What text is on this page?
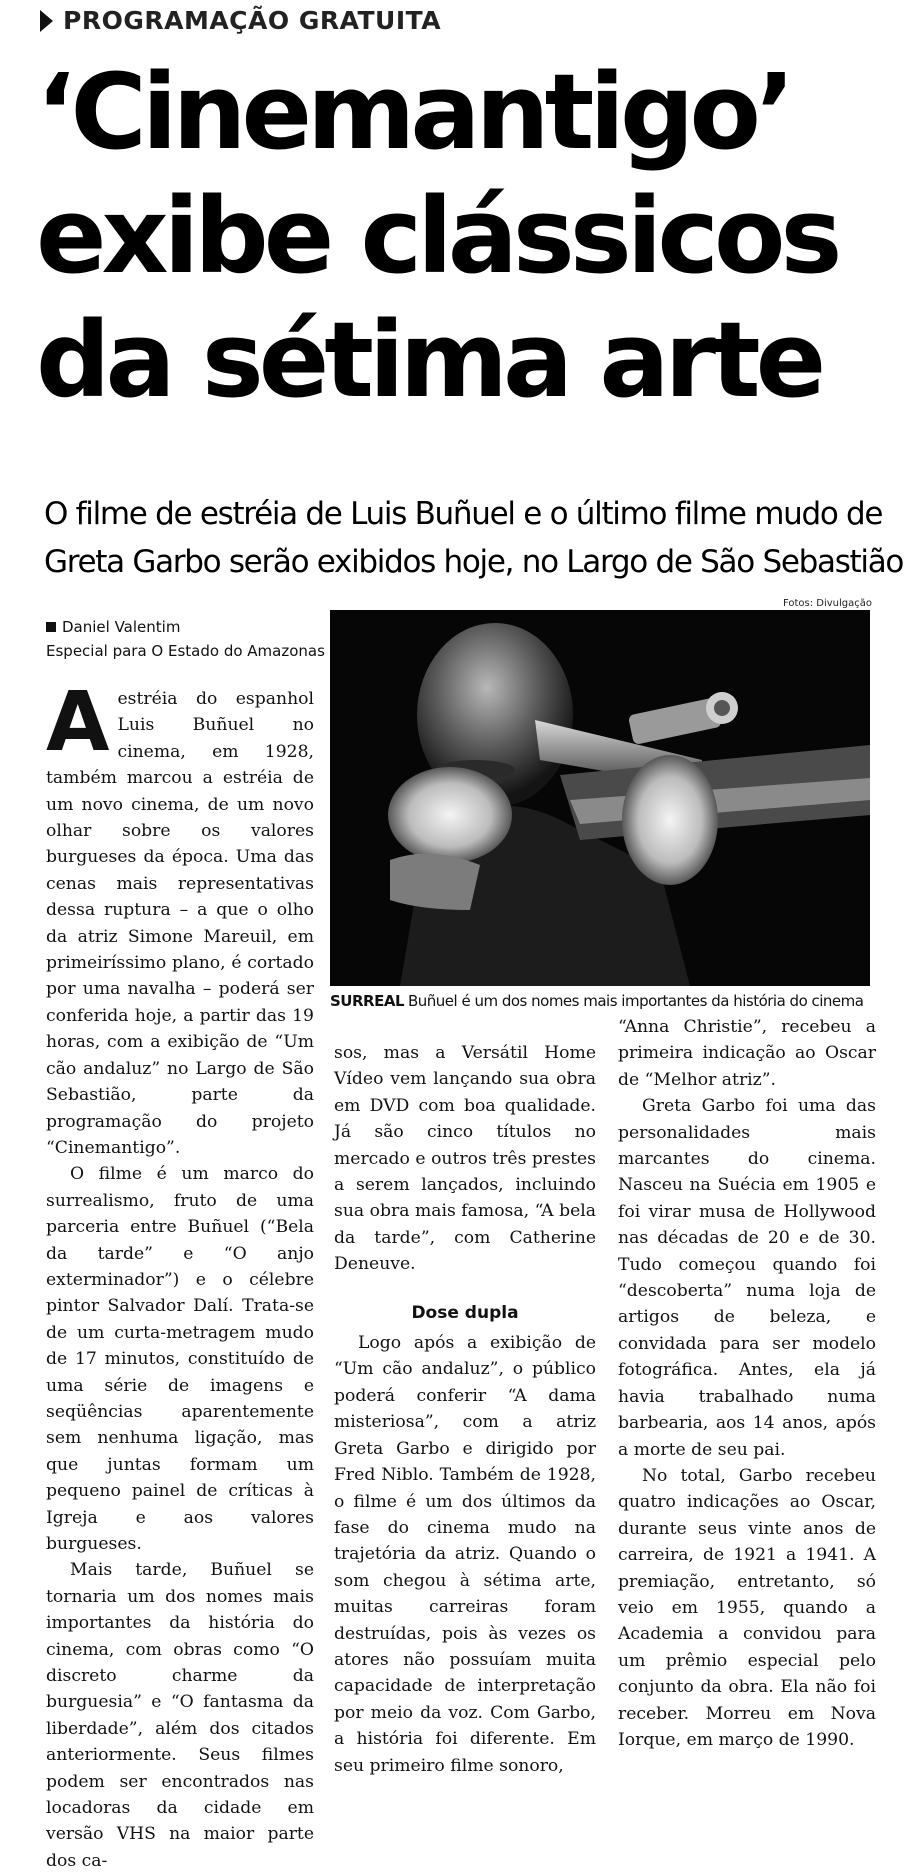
PROGRAMAÇÃO GRATUITA
‘Cinemantigo’
exibe clássicos
da sétima arte
O filme de estréia de Luis Buñuel e o último filme mudo de
Greta Garbo serão exibidos hoje, no Largo de São Sebastião
Fotos: Divulgação
Daniel Valentim
Especial para O Estado do Amazonas
SURREAL Buñuel é um dos nomes mais importantes da história do cinema

Aestréia do espanhol Luis Buñuel no cinema, em 1928, também marcou a estréia de um novo cinema, de um novo olhar sobre os valores burgueses da época. Uma das cenas mais representativas dessa ruptura – a que o olho da atriz Simone Mareuil, em primeiríssimo plano, é cortado por uma navalha – poderá ser conferida hoje, a partir das 19 horas, com a exibição de “Um cão andaluz” no Largo de São Sebastião, parte da programação do projeto “Cinemantigo”.

O filme é um marco do surrealismo, fruto de uma parceria entre Buñuel (“Bela da tarde” e “O anjo exterminador”) e o célebre pintor Salvador Dalí. Trata-se de um curta-metragem mudo de 17 minutos, constituído de uma série de imagens e seqüências aparentemente sem nenhuma ligação, mas que juntas formam um pequeno painel de críticas à Igreja e aos valores burgueses.

Mais tarde, Buñuel se tornaria um dos nomes mais importantes da história do cinema, com obras como “O discreto charme da burguesia” e “O fantasma da liberdade”, além dos citados anteriormente. Seus filmes podem ser encontrados nas locadoras da cidade em versão VHS na maior parte dos ca-

sos, mas a Versátil Home Vídeo vem lançando sua obra em DVD com boa qualidade. Já são cinco títulos no mercado e outros três prestes a serem lançados, incluindo sua obra mais famosa, “A bela da tarde”, com Catherine Deneuve.

Dose dupla

Logo após a exibição de “Um cão andaluz”, o público poderá conferir “A dama misteriosa”, com a atriz Greta Garbo e dirigido por Fred Niblo. Também de 1928, o filme é um dos últimos da fase do cinema mudo na trajetória da atriz. Quando o som chegou à sétima arte, muitas carreiras foram destruídas, pois às vezes os atores não possuíam muita capacidade de interpretação por meio da voz. Com Garbo, a história foi diferente. Em seu primeiro filme sonoro,

“Anna Christie”, recebeu a primeira indicação ao Oscar de “Melhor atriz”.

Greta Garbo foi uma das personalidades mais marcantes do cinema. Nasceu na Suécia em 1905 e foi virar musa de Hollywood nas décadas de 20 e de 30. Tudo começou quando foi “descoberta” numa loja de artigos de beleza, e convidada para ser modelo fotográfica. Antes, ela já havia trabalhado numa barbearia, aos 14 anos, após a morte de seu pai.

No total, Garbo recebeu quatro indicações ao Oscar, durante seus vinte anos de carreira, de 1921 a 1941. A premiação, entretanto, só veio em 1955, quando a Academia a convidou para um prêmio especial pelo conjunto da obra. Ela não foi receber. Morreu em Nova Iorque, em março de 1990.
